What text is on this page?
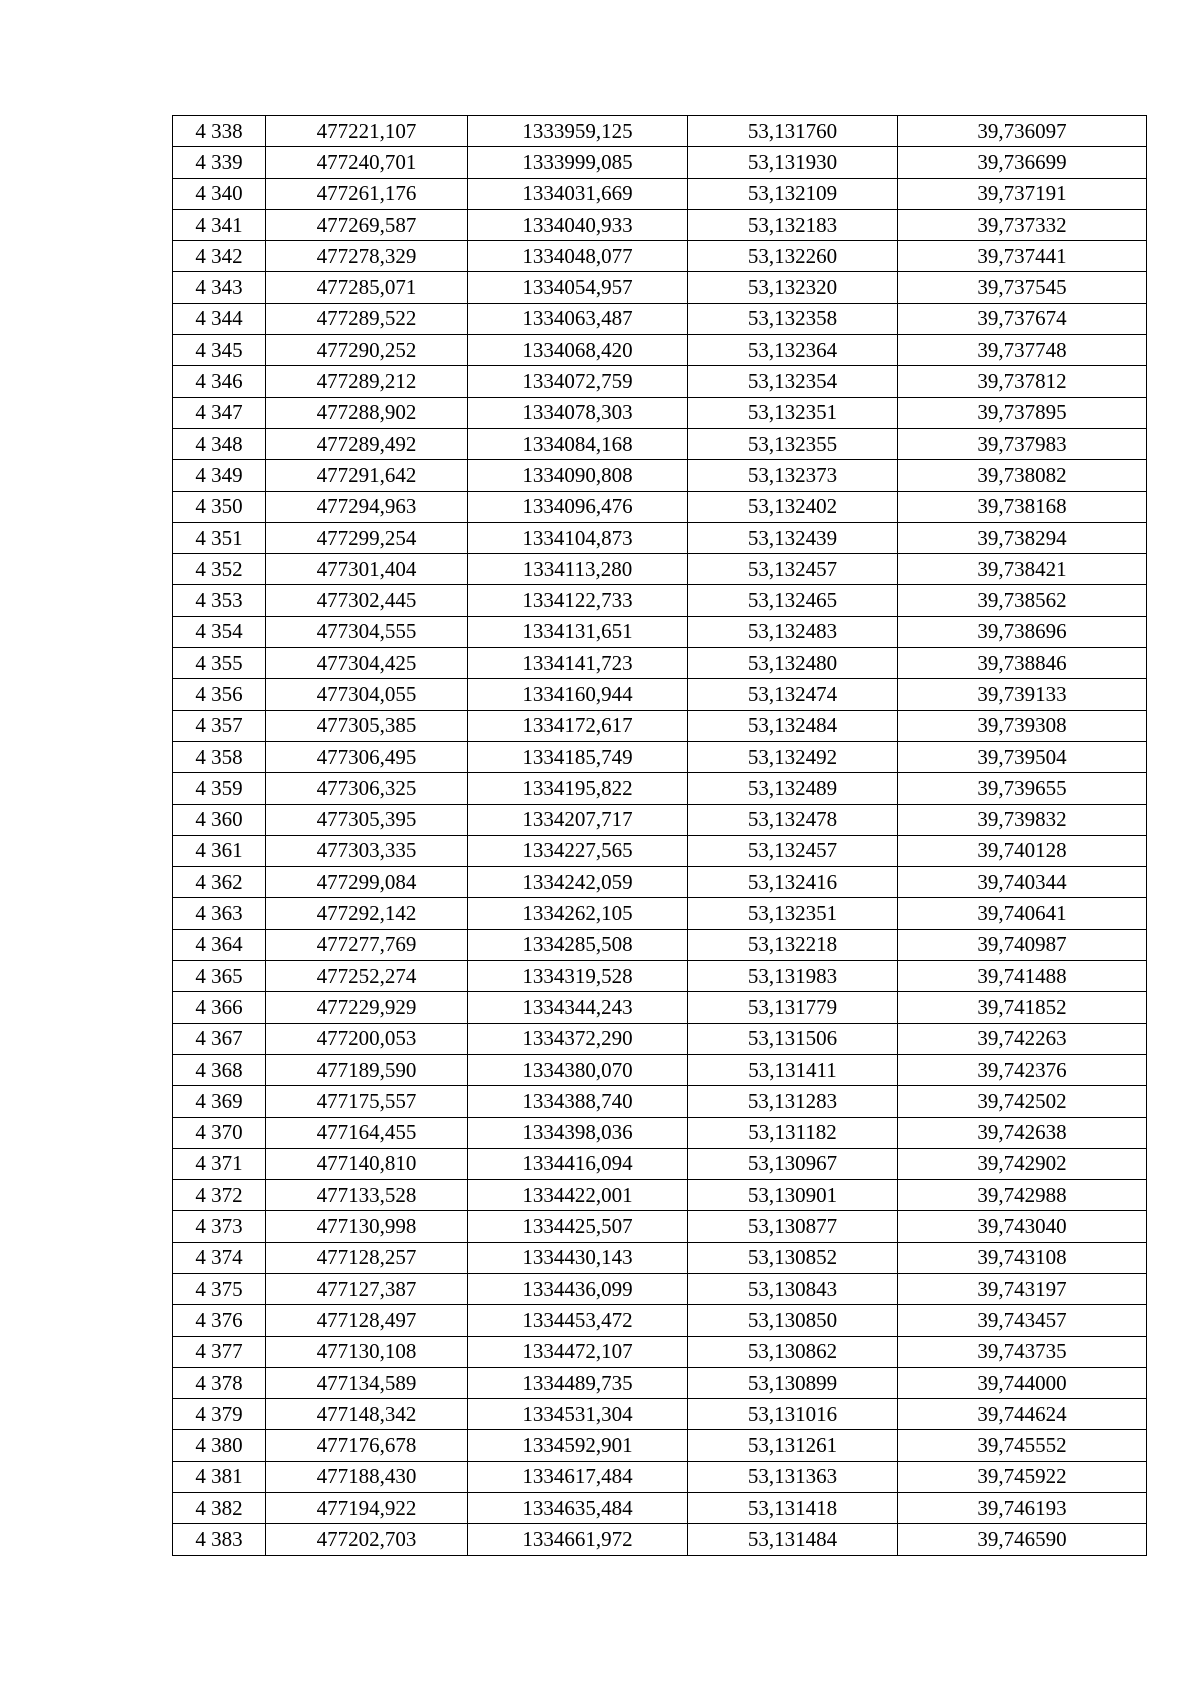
4 338	477221,107	1333959,125	53,131760	39,736097
4 339	477240,701	1333999,085	53,131930	39,736699
4 340	477261,176	1334031,669	53,132109	39,737191
4 341	477269,587	1334040,933	53,132183	39,737332
4 342	477278,329	1334048,077	53,132260	39,737441
4 343	477285,071	1334054,957	53,132320	39,737545
4 344	477289,522	1334063,487	53,132358	39,737674
4 345	477290,252	1334068,420	53,132364	39,737748
4 346	477289,212	1334072,759	53,132354	39,737812
4 347	477288,902	1334078,303	53,132351	39,737895
4 348	477289,492	1334084,168	53,132355	39,737983
4 349	477291,642	1334090,808	53,132373	39,738082
4 350	477294,963	1334096,476	53,132402	39,738168
4 351	477299,254	1334104,873	53,132439	39,738294
4 352	477301,404	1334113,280	53,132457	39,738421
4 353	477302,445	1334122,733	53,132465	39,738562
4 354	477304,555	1334131,651	53,132483	39,738696
4 355	477304,425	1334141,723	53,132480	39,738846
4 356	477304,055	1334160,944	53,132474	39,739133
4 357	477305,385	1334172,617	53,132484	39,739308
4 358	477306,495	1334185,749	53,132492	39,739504
4 359	477306,325	1334195,822	53,132489	39,739655
4 360	477305,395	1334207,717	53,132478	39,739832
4 361	477303,335	1334227,565	53,132457	39,740128
4 362	477299,084	1334242,059	53,132416	39,740344
4 363	477292,142	1334262,105	53,132351	39,740641
4 364	477277,769	1334285,508	53,132218	39,740987
4 365	477252,274	1334319,528	53,131983	39,741488
4 366	477229,929	1334344,243	53,131779	39,741852
4 367	477200,053	1334372,290	53,131506	39,742263
4 368	477189,590	1334380,070	53,131411	39,742376
4 369	477175,557	1334388,740	53,131283	39,742502
4 370	477164,455	1334398,036	53,131182	39,742638
4 371	477140,810	1334416,094	53,130967	39,742902
4 372	477133,528	1334422,001	53,130901	39,742988
4 373	477130,998	1334425,507	53,130877	39,743040
4 374	477128,257	1334430,143	53,130852	39,743108
4 375	477127,387	1334436,099	53,130843	39,743197
4 376	477128,497	1334453,472	53,130850	39,743457
4 377	477130,108	1334472,107	53,130862	39,743735
4 378	477134,589	1334489,735	53,130899	39,744000
4 379	477148,342	1334531,304	53,131016	39,744624
4 380	477176,678	1334592,901	53,131261	39,745552
4 381	477188,430	1334617,484	53,131363	39,745922
4 382	477194,922	1334635,484	53,131418	39,746193
4 383	477202,703	1334661,972	53,131484	39,746590
